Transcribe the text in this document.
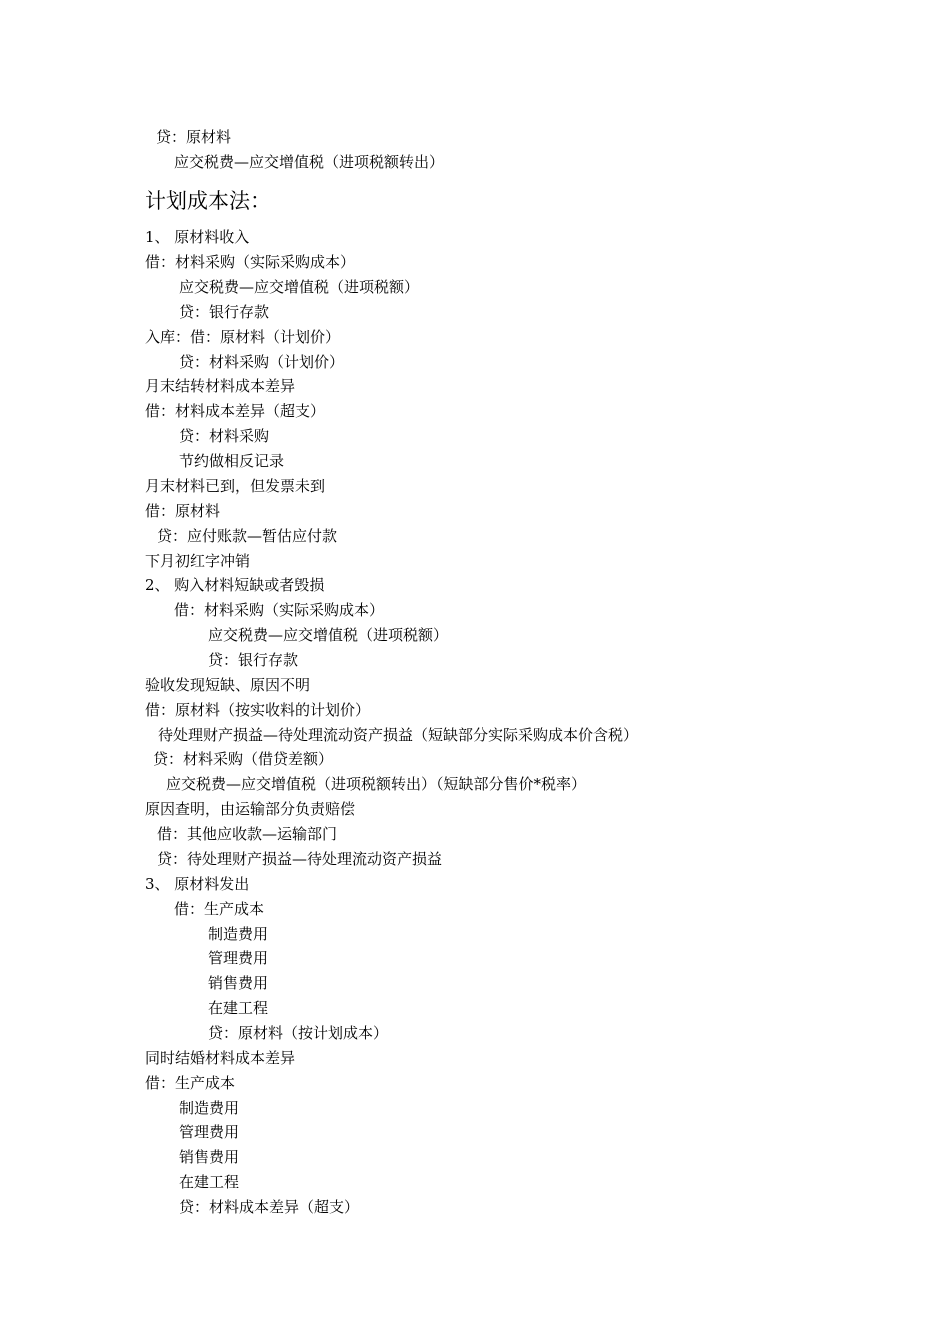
贷：原材料
应交税费—应交增值税（进项税额转出）
计划成本法：
1、 原材料收入
借：材料采购（实际采购成本）
应交税费—应交增值税（进项税额）
贷：银行存款
入库：借：原材料（计划价）
贷：材料采购（计划价）
月末结转材料成本差异
借：材料成本差异（超支）
贷：材料采购
节约做相反记录
月末材料已到，但发票未到
借：原材料
贷：应付账款—暂估应付款
下月初红字冲销
2、 购入材料短缺或者毁损
借：材料采购（实际采购成本）
应交税费—应交增值税（进项税额）
贷：银行存款
验收发现短缺、原因不明
借：原材料（按实收料的计划价）
待处理财产损益—待处理流动资产损益（短缺部分实际采购成本价含税）
贷：材料采购（借贷差额）
应交税费—应交增值税（进项税额转出）（短缺部分售价*税率）
原因查明，由运输部分负责赔偿
借：其他应收款—运输部门
贷：待处理财产损益—待处理流动资产损益
3、 原材料发出
借：生产成本
制造费用
管理费用
销售费用
在建工程
贷：原材料（按计划成本）
同时结婚材料成本差异
借：生产成本
制造费用
管理费用
销售费用
在建工程
贷：材料成本差异（超支）
